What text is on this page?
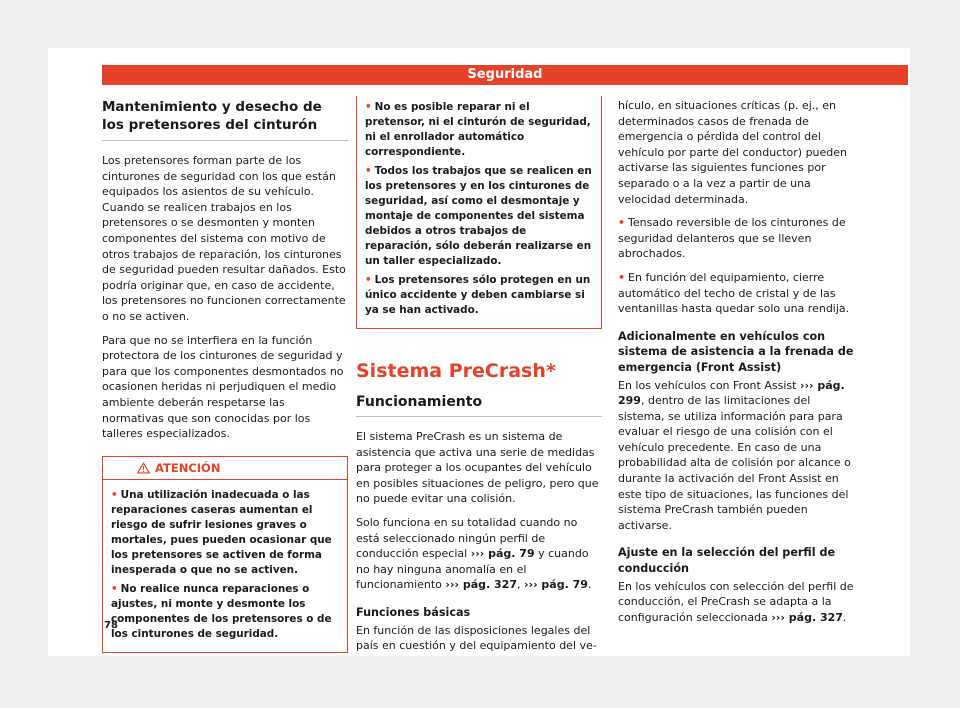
Seguridad
Mantenimiento y desecho de los pretensores del cinturón

Los pretensores forman parte de los cinturones de seguridad con los que están equipados los asientos de su vehículo. Cuando se realicen trabajos en los pretensores o se desmonten y monten componentes del sistema con motivo de otros trabajos de reparación, los cinturones de seguridad pueden resultar dañados. Esto podría originar que, en caso de accidente, los pretensores no funcionen correctamente o no se activen.

Para que no se interfiera en la función protectora de los cinturones de seguridad y para que los componentes desmontados no ocasionen heridas ni perjudiquen el medio ambiente deberán respetarse las normativas que son conocidas por los talleres especializados.

ATENCIÓN
• Una utilización inadecuada o las reparaciones caseras aumentan el riesgo de sufrir lesiones graves o mortales, pues pueden ocasionar que los pretensores se activen de forma inesperada o que no se activen.
• No realice nunca reparaciones o ajustes, ni monte y desmonte los componentes de los pretensores o de los cinturones de seguridad.
• No es posible reparar ni el pretensor, ni el cinturón de seguridad, ni el enrollador automático correspondiente.
• Todos los trabajos que se realicen en los pretensores y en los cinturones de seguridad, así como el desmontaje y montaje de componentes del sistema debidos a otros trabajos de reparación, sólo deberán realizarse en un taller especializado.
• Los pretensores sólo protegen en un único accidente y deben cambiarse si ya se han activado.
Sistema PreCrash*
Funcionamiento

El sistema PreCrash es un sistema de asistencia que activa una serie de medidas para proteger a los ocupantes del vehículo en posibles situaciones de peligro, pero que no puede evitar una colisión.

Solo funciona en su totalidad cuando no está seleccionado ningún perfil de conducción especial ››› pág. 79 y cuando no hay ninguna anomalía en el funcionamiento ››› pág. 327, ››› pág. 79.

Funciones básicas

En función de las disposiciones legales del país en cuestión y del equipamiento del ve-

hículo, en situaciones críticas (p. ej., en determinados casos de frenada de emergencia o pérdida del control del vehículo por parte del conductor) pueden activarse las siguientes funciones por separado o a la vez a partir de una velocidad determinada.

• Tensado reversible de los cinturones de seguridad delanteros que se lleven abrochados.

• En función del equipamiento, cierre automático del techo de cristal y de las ventanillas hasta quedar solo una rendija.

Adicionalmente en vehículos con sistema de asistencia a la frenada de emergencia (Front Assist)

En los vehículos con Front Assist ››› pág. 299, dentro de las limitaciones del sistema, se utiliza información para para evaluar el riesgo de una colisión con el vehículo precedente. En caso de una probabilidad alta de colisión por alcance o durante la activación del Front Assist en este tipo de situaciones, las funciones del sistema PreCrash también pueden activarse.

Ajuste en la selección del perfil de conducción

En los vehículos con selección del perfil de conducción, el PreCrash se adapta a la configuración seleccionada ››› pág. 327.

78
